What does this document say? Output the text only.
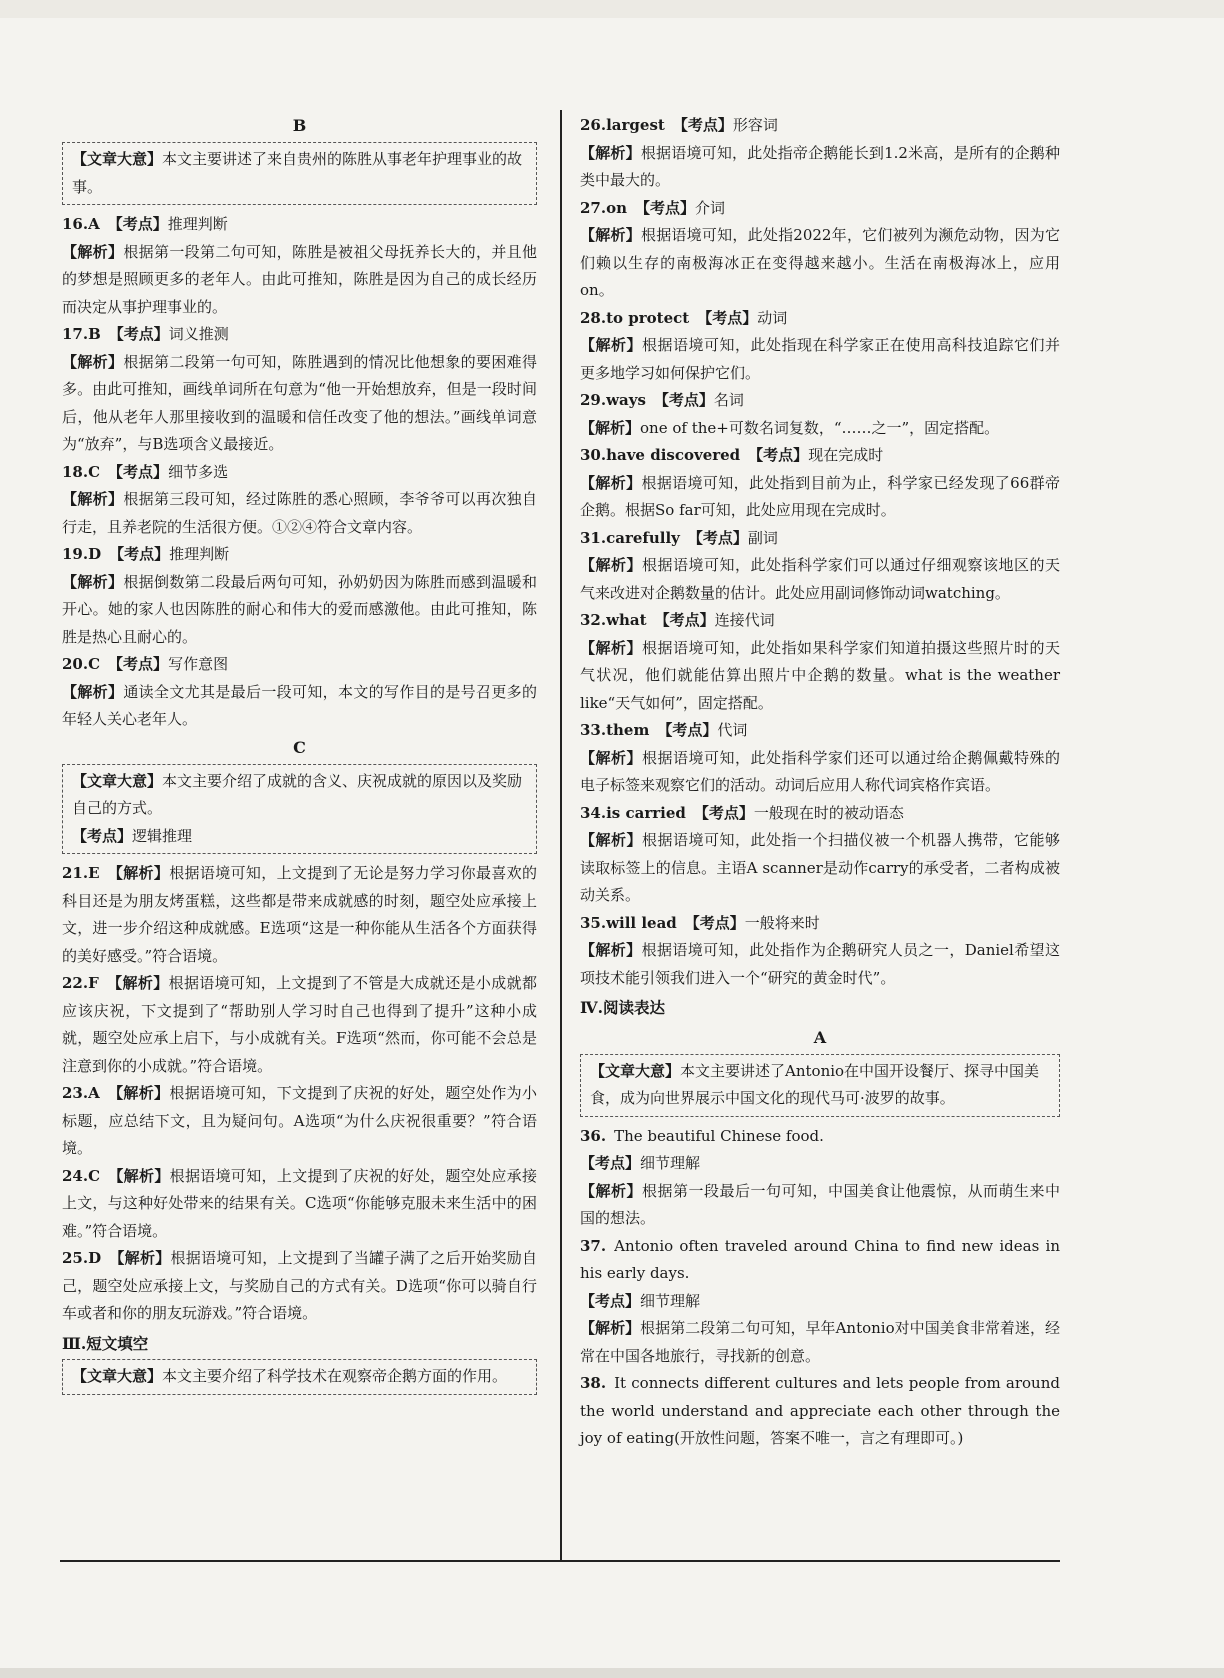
B
【文章大意】本文主要讲述了来自贵州的陈胜从事老年护理事业的故事。
16.A 【考点】推理判断
【解析】根据第一段第二句可知，陈胜是被祖父母抚养长大的，并且他的梦想是照顾更多的老年人。由此可推知，陈胜是因为自己的成长经历而决定从事护理事业的。
17.B 【考点】词义推测
【解析】根据第二段第一句可知，陈胜遇到的情况比他想象的要困难得多。由此可推知，画线单词所在句意为“他一开始想放弃，但是一段时间后，他从老年人那里接收到的温暖和信任改变了他的想法。”画线单词意为“放弃”，与B选项含义最接近。
18.C 【考点】细节多选
【解析】根据第三段可知，经过陈胜的悉心照顾，李爷爷可以再次独自行走，且养老院的生活很方便。①②④符合文章内容。
19.D 【考点】推理判断
【解析】根据倒数第二段最后两句可知，孙奶奶因为陈胜而感到温暖和开心。她的家人也因陈胜的耐心和伟大的爱而感激他。由此可推知，陈胜是热心且耐心的。
20.C 【考点】写作意图
【解析】通读全文尤其是最后一段可知，本文的写作目的是号召更多的年轻人关心老年人。
C
【文章大意】本文主要介绍了成就的含义、庆祝成就的原因以及奖励自己的方式。
【考点】逻辑推理
21.E 【解析】根据语境可知，上文提到了无论是努力学习你最喜欢的科目还是为朋友烤蛋糕，这些都是带来成就感的时刻，题空处应承接上文，进一步介绍这种成就感。E选项“这是一种你能从生活各个方面获得的美好感受。”符合语境。
22.F 【解析】根据语境可知，上文提到了不管是大成就还是小成就都应该庆祝，下文提到了“帮助别人学习时自己也得到了提升”这种小成就，题空处应承上启下，与小成就有关。F选项“然而，你可能不会总是注意到你的小成就。”符合语境。
23.A 【解析】根据语境可知，下文提到了庆祝的好处，题空处作为小标题，应总结下文，且为疑问句。A选项“为什么庆祝很重要？”符合语境。
24.C 【解析】根据语境可知，上文提到了庆祝的好处，题空处应承接上文，与这种好处带来的结果有关。C选项“你能够克服未来生活中的困难。”符合语境。
25.D 【解析】根据语境可知，上文提到了当罐子满了之后开始奖励自己，题空处应承接上文，与奖励自己的方式有关。D选项“你可以骑自行车或者和你的朋友玩游戏。”符合语境。
Ⅲ.短文填空
【文章大意】本文主要介绍了科学技术在观察帝企鹅方面的作用。
26.largest 【考点】形容词
【解析】根据语境可知，此处指帝企鹅能长到1.2米高，是所有的企鹅种类中最大的。
27.on 【考点】介词
【解析】根据语境可知，此处指2022年，它们被列为濒危动物，因为它们赖以生存的南极海冰正在变得越来越小。生活在南极海冰上，应用on。
28.to protect 【考点】动词
【解析】根据语境可知，此处指现在科学家正在使用高科技追踪它们并更多地学习如何保护它们。
29.ways 【考点】名词
【解析】one of the+可数名词复数，“……之一”，固定搭配。
30.have discovered 【考点】现在完成时
【解析】根据语境可知，此处指到目前为止，科学家已经发现了66群帝企鹅。根据So far可知，此处应用现在完成时。
31.carefully 【考点】副词
【解析】根据语境可知，此处指科学家们可以通过仔细观察该地区的天气来改进对企鹅数量的估计。此处应用副词修饰动词watching。
32.what 【考点】连接代词
【解析】根据语境可知，此处指如果科学家们知道拍摄这些照片时的天气状况，他们就能估算出照片中企鹅的数量。what is the weather like“天气如何”，固定搭配。
33.them 【考点】代词
【解析】根据语境可知，此处指科学家们还可以通过给企鹅佩戴特殊的电子标签来观察它们的活动。动词后应用人称代词宾格作宾语。
34.is carried 【考点】一般现在时的被动语态
【解析】根据语境可知，此处指一个扫描仪被一个机器人携带，它能够读取标签上的信息。主语A scanner是动作carry的承受者，二者构成被动关系。
35.will lead 【考点】一般将来时
【解析】根据语境可知，此处指作为企鹅研究人员之一，Daniel希望这项技术能引领我们进入一个“研究的黄金时代”。
Ⅳ.阅读表达
A
【文章大意】本文主要讲述了Antonio在中国开设餐厅、探寻中国美食，成为向世界展示中国文化的现代马可·波罗的故事。
36. The beautiful Chinese food.
【考点】细节理解
【解析】根据第一段最后一句可知，中国美食让他震惊，从而萌生来中国的想法。
37. Antonio often traveled around China to find new ideas in his early days.
【考点】细节理解
【解析】根据第二段第二句可知，早年Antonio对中国美食非常着迷，经常在中国各地旅行，寻找新的创意。
38. It connects different cultures and lets people from around the world understand and appreciate each other through the joy of eating(开放性问题，答案不唯一，言之有理即可。)
